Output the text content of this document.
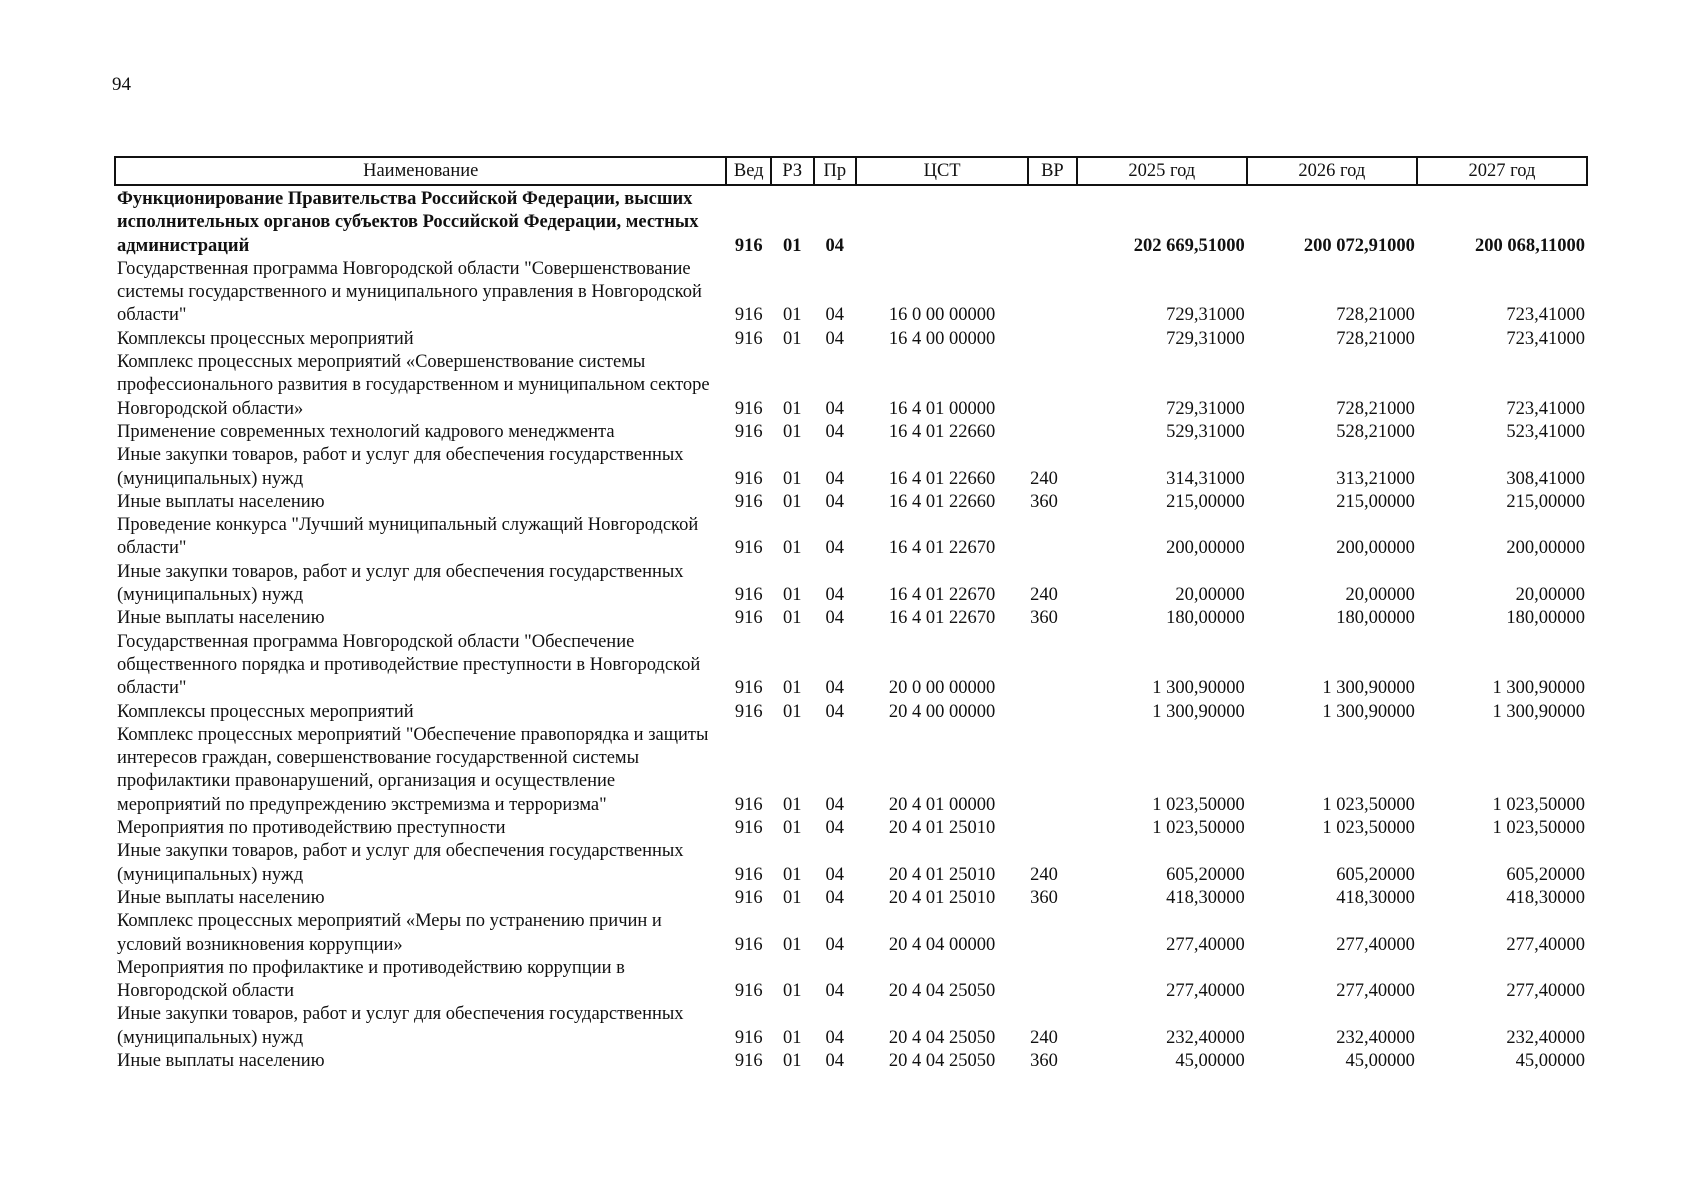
94
Наименование	Вед	РЗ	Пр	ЦСТ	ВР	2025 год	2026 год	2027 год
Функционирование Правительства Российской Федерации, высших исполнительных органов субъектов Российской Федерации, местных администраций	916	01	04			202 669,51000	200 072,91000	200 068,11000
Государственная программа Новгородской области "Совершенствование системы государственного и муниципального управления в Новгородской области"	916	01	04	16 0 00 00000		729,31000	728,21000	723,41000
Комплексы процессных мероприятий	916	01	04	16 4 00 00000		729,31000	728,21000	723,41000
Комплекс процессных мероприятий «Совершенствование системы профессионального развития в государственном и муниципальном секторе Новгородской области»	916	01	04	16 4 01 00000		729,31000	728,21000	723,41000
Применение современных технологий кадрового менеджмента	916	01	04	16 4 01 22660		529,31000	528,21000	523,41000
Иные закупки товаров, работ и услуг для обеспечения государственных (муниципальных) нужд	916	01	04	16 4 01 22660	240	314,31000	313,21000	308,41000
Иные выплаты населению	916	01	04	16 4 01 22660	360	215,00000	215,00000	215,00000
Проведение конкурса "Лучший муниципальный служащий Новгородской области"	916	01	04	16 4 01 22670		200,00000	200,00000	200,00000
Иные закупки товаров, работ и услуг для обеспечения государственных (муниципальных) нужд	916	01	04	16 4 01 22670	240	20,00000	20,00000	20,00000
Иные выплаты населению	916	01	04	16 4 01 22670	360	180,00000	180,00000	180,00000
Государственная программа Новгородской области "Обеспечение общественного порядка и противодействие преступности в Новгородской области"	916	01	04	20 0 00 00000		1 300,90000	1 300,90000	1 300,90000
Комплексы процессных мероприятий	916	01	04	20 4 00 00000		1 300,90000	1 300,90000	1 300,90000
Комплекс процессных мероприятий "Обеспечение правопорядка и защиты интересов граждан, совершенствование государственной системы профилактики правонарушений, организация и осуществление мероприятий по предупреждению экстремизма и терроризма"	916	01	04	20 4 01 00000		1 023,50000	1 023,50000	1 023,50000
Мероприятия по противодействию преступности	916	01	04	20 4 01 25010		1 023,50000	1 023,50000	1 023,50000
Иные закупки товаров, работ и услуг для обеспечения государственных (муниципальных) нужд	916	01	04	20 4 01 25010	240	605,20000	605,20000	605,20000
Иные выплаты населению	916	01	04	20 4 01 25010	360	418,30000	418,30000	418,30000
Комплекс процессных мероприятий «Меры по устранению причин и условий возникновения коррупции»	916	01	04	20 4 04 00000		277,40000	277,40000	277,40000
Мероприятия по профилактике и противодействию коррупции в Новгородской области	916	01	04	20 4 04 25050		277,40000	277,40000	277,40000
Иные закупки товаров, работ и услуг для обеспечения государственных (муниципальных) нужд	916	01	04	20 4 04 25050	240	232,40000	232,40000	232,40000
Иные выплаты населению	916	01	04	20 4 04 25050	360	45,00000	45,00000	45,00000
